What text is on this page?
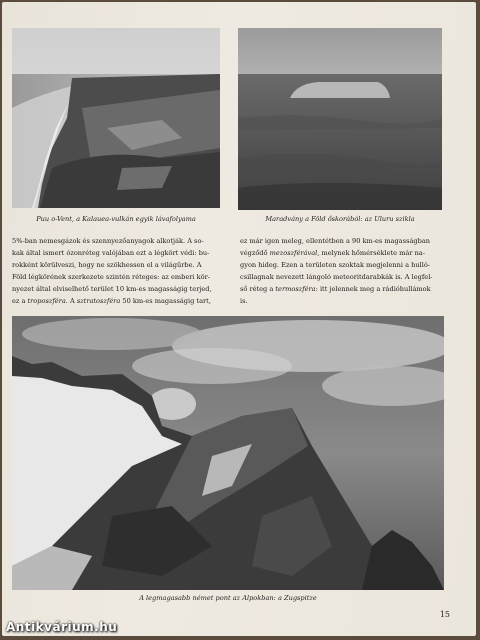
Puu o-Vent, a Kalauea-vulkán egyik lávafolyama	Maradvány a Föld őskorából: az Uluru szikla
5%-ban nemesgázok és szennyezőanyagok alkotják. A so-
kak által ismert ózonréteg valójában ezt a légkört védi: bu-
rokként körülveszi, hogy ne szökhessen el a világűrbe. A
Föld légkörének szerkezete szintén réteges: az emberi kör-
nyezet által elviselhető terület 10 km-es magasságig terjed,
ez a troposzféra. A sztratoszféra 50 km-es magasságig tart,
ez már igen meleg, ellentétben a 90 km-es magasságban
végződő mezoszférával, melynek hőmérséklete már na-
gyon hideg. Ezen a területen szoktak megjelenni a hulló-
csillagnak nevezett lángoló meteoritdarabkák is. A legfel-
ső réteg a termoszféra: itt jelennek meg a rádióhullámok
is.
A legmagasabb német pont az Alpokban: a Zugspitze
15
Antikvárium.hu
